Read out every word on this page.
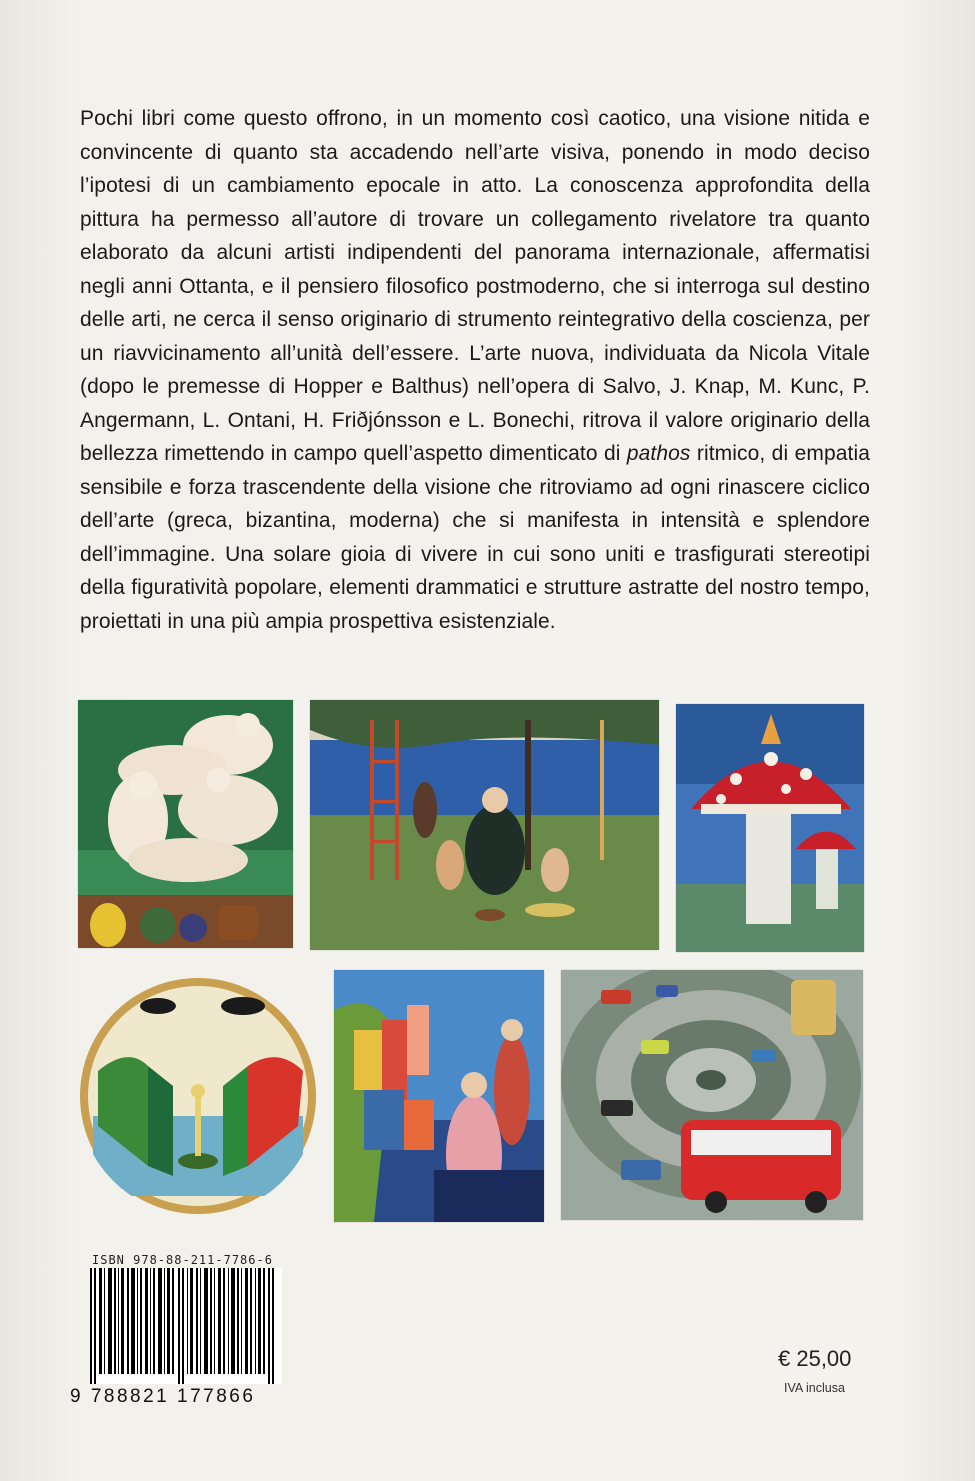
Pochi libri come questo offrono, in un momento così caotico, una visione nitida e convincente di quanto sta accadendo nell’arte visiva, ponendo in modo deciso l’ipotesi di un cambiamento epocale in atto. La conoscenza approfondita della pittura ha permesso all’autore di trovare un collegamento rivelatore tra quanto elaborato da alcuni artisti indipendenti del panorama internazionale, affermatisi negli anni Ottanta, e il pensiero filosofico postmoderno, che si interroga sul destino delle arti, ne cerca il senso originario di strumento reintegrativo della coscienza, per un riavvicinamento all’unità dell’essere. L’arte nuova, individuata da Nicola Vitale (dopo le premesse di Hopper e Balthus) nell’opera di Salvo, J. Knap, M. Kunc, P. Angermann, L. Ontani, H. Friðjónsson e L. Bonechi, ritrova il valore originario della bellezza rimettendo in campo quell’aspetto dimenticato di pathos ritmico, di empatia sensibile e forza trascendente della visione che ritroviamo ad ogni rinascere ciclico dell’arte (greca, bizantina, moderna) che si manifesta in intensità e splendore dell’immagine. Una solare gioia di vivere in cui sono uniti e trasfigurati stereotipi della figuratività popolare, elementi drammatici e strutture astratte del nostro tempo, proiettati in una più ampia prospettiva esistenziale.

ISBN 978-88-211-7786-6
9 788821 177866
€ 25,00
IVA inclusa
